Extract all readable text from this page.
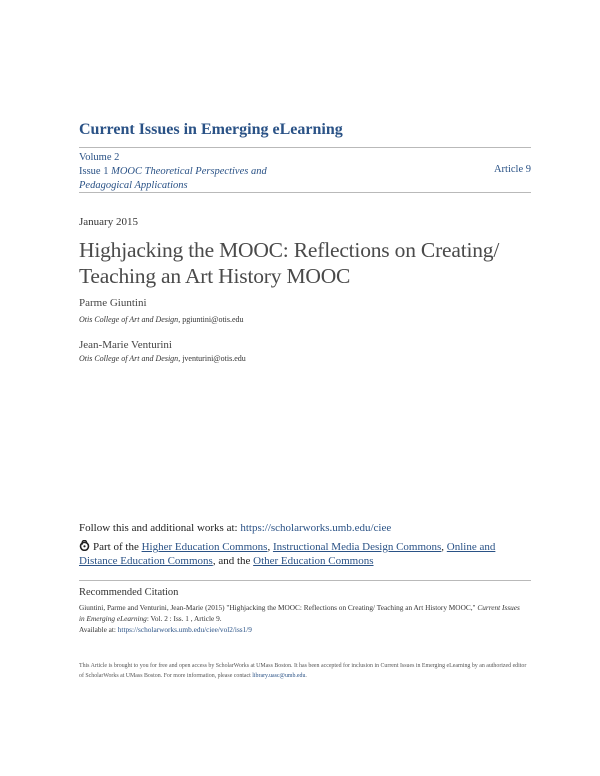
Current Issues in Emerging eLearning
Volume 2
Issue 1 MOOC Theoretical Perspectives and Pedagogical Applications
Article 9
January 2015
Highjacking the MOOC: Reflections on Creating/ Teaching an Art History MOOC
Parme Giuntini
Otis College of Art and Design, pgiuntini@otis.edu
Jean-Marie Venturini
Otis College of Art and Design, jventurini@otis.edu
Follow this and additional works at: https://scholarworks.umb.edu/ciee
Part of the Higher Education Commons, Instructional Media Design Commons, Online and Distance Education Commons, and the Other Education Commons
Recommended Citation
Giuntini, Parme and Venturini, Jean-Marie (2015) "Highjacking the MOOC: Reflections on Creating/ Teaching an Art History MOOC," Current Issues in Emerging eLearning: Vol. 2 : Iss. 1 , Article 9.
Available at: https://scholarworks.umb.edu/ciee/vol2/iss1/9
This Article is brought to you for free and open access by ScholarWorks at UMass Boston. It has been accepted for inclusion in Current Issues in Emerging eLearning by an authorized editor of ScholarWorks at UMass Boston. For more information, please contact library.uasc@umb.edu.
